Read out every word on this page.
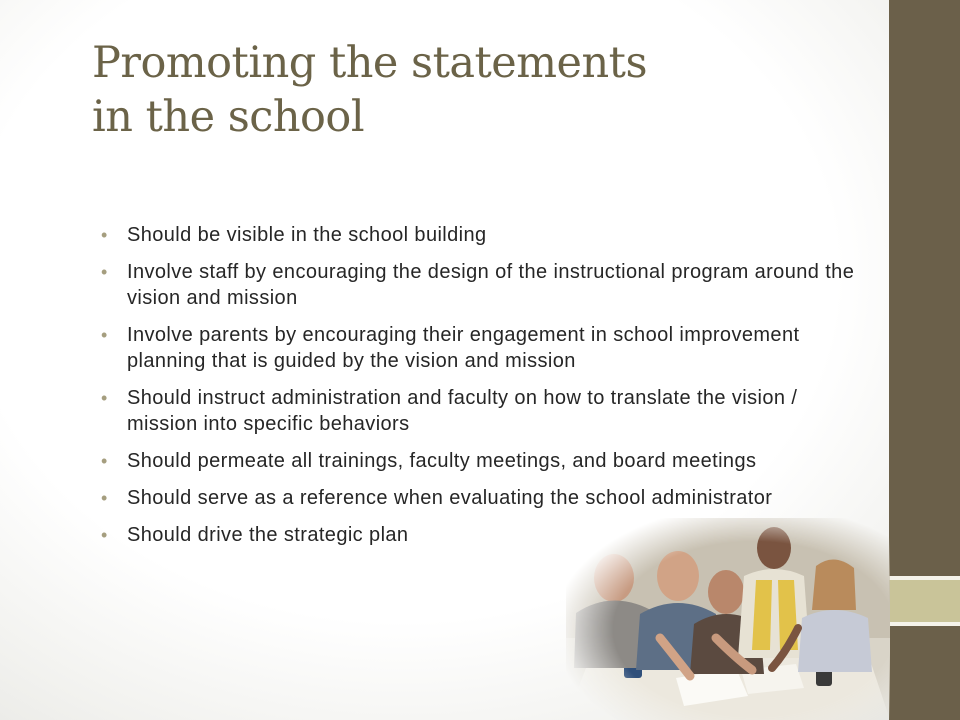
Promoting the statements
in the school
• Should be visible in the school building
• Involve staff by encouraging the design of the instructional program around the vision and mission
• Involve parents by encouraging their engagement in school improvement planning that is guided by the vision and mission
• Should instruct administration and faculty on how to translate the vision / mission into specific behaviors
• Should permeate all trainings, faculty meetings, and board meetings
• Should serve as a reference when evaluating the school administrator
• Should drive the strategic plan
